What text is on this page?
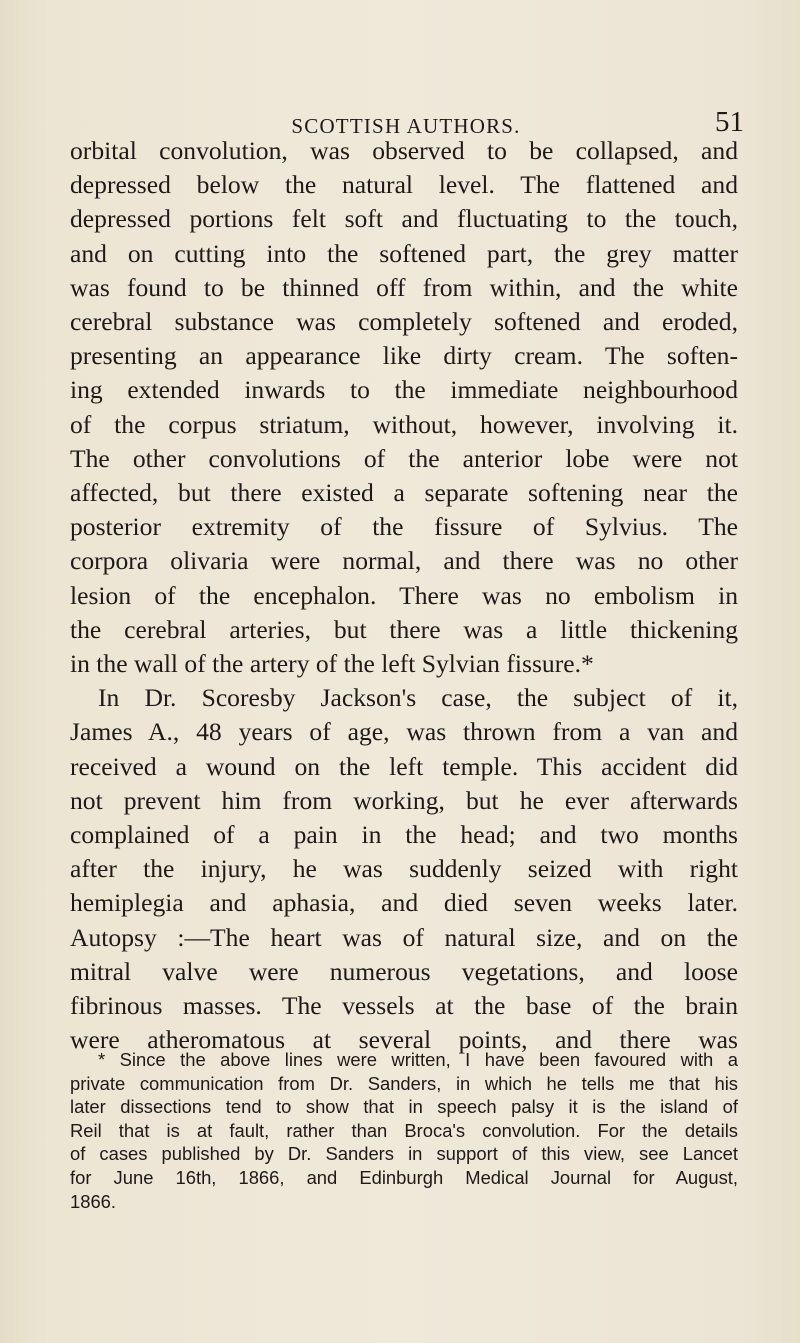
SCOTTISH AUTHORS.	51
orbital convolution, was observed to be collapsed, and
depressed below the natural level. The flattened and
depressed portions felt soft and fluctuating to the touch,
and on cutting into the softened part, the grey matter
was found to be thinned off from within, and the white
cerebral substance was completely softened and eroded,
presenting an appearance like dirty cream. The soften-
ing extended inwards to the immediate neighbourhood
of the corpus striatum, without, however, involving it.
The other convolutions of the anterior lobe were not
affected, but there existed a separate softening near the
posterior extremity of the fissure of Sylvius. The
corpora olivaria were normal, and there was no other
lesion of the encephalon. There was no embolism in
the cerebral arteries, but there was a little thickening
in the wall of the artery of the left Sylvian fissure.*
In Dr. Scoresby Jackson's case, the subject of it,
James A., 48 years of age, was thrown from a van and
received a wound on the left temple. This accident did
not prevent him from working, but he ever afterwards
complained of a pain in the head; and two months
after the injury, he was suddenly seized with right
hemiplegia and aphasia, and died seven weeks later.
Autopsy :—The heart was of natural size, and on the
mitral valve were numerous vegetations, and loose
fibrinous masses. The vessels at the base of the brain
were atheromatous at several points, and there was
* Since the above lines were written, I have been favoured with a
private communication from Dr. Sanders, in which he tells me that his
later dissections tend to show that in speech palsy it is the island of
Reil that is at fault, rather than Broca's convolution. For the details
of cases published by Dr. Sanders in support of this view, see Lancet
for June 16th, 1866, and Edinburgh Medical Journal for August,
1866.
